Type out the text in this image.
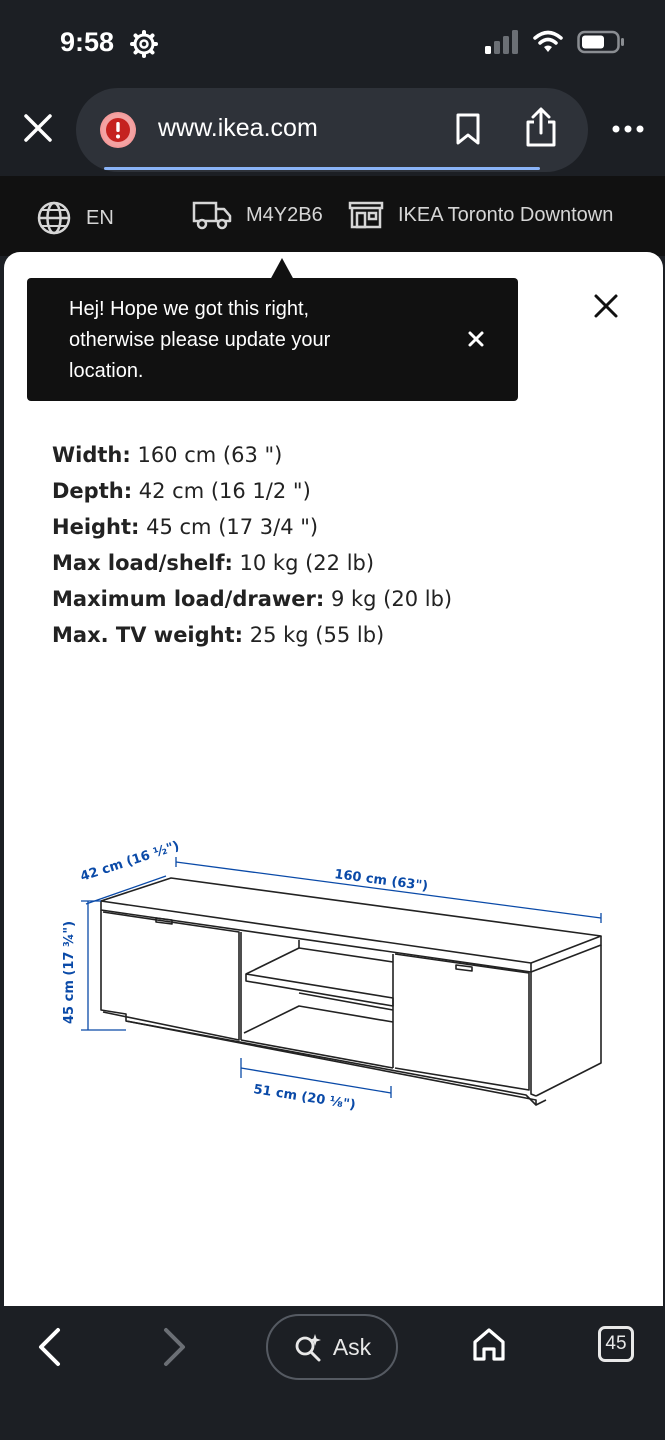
9:58
www.ikea.com
EN	M4Y2B6	IKEA Toronto Downtown
Hej! Hope we got this right, otherwise please update your location.
Width: 160 cm (63 ")
Depth: 42 cm (16 1/2 ")
Height: 45 cm (17 3/4 ")
Max load/shelf: 10 kg (22 lb)
Maximum load/drawer: 9 kg (20 lb)
Max. TV weight: 25 kg (55 lb)
42 cm (16 ½")	160 cm (63")
45 cm (17 ¾")
51 cm (20 ⅛")
Ask	45
